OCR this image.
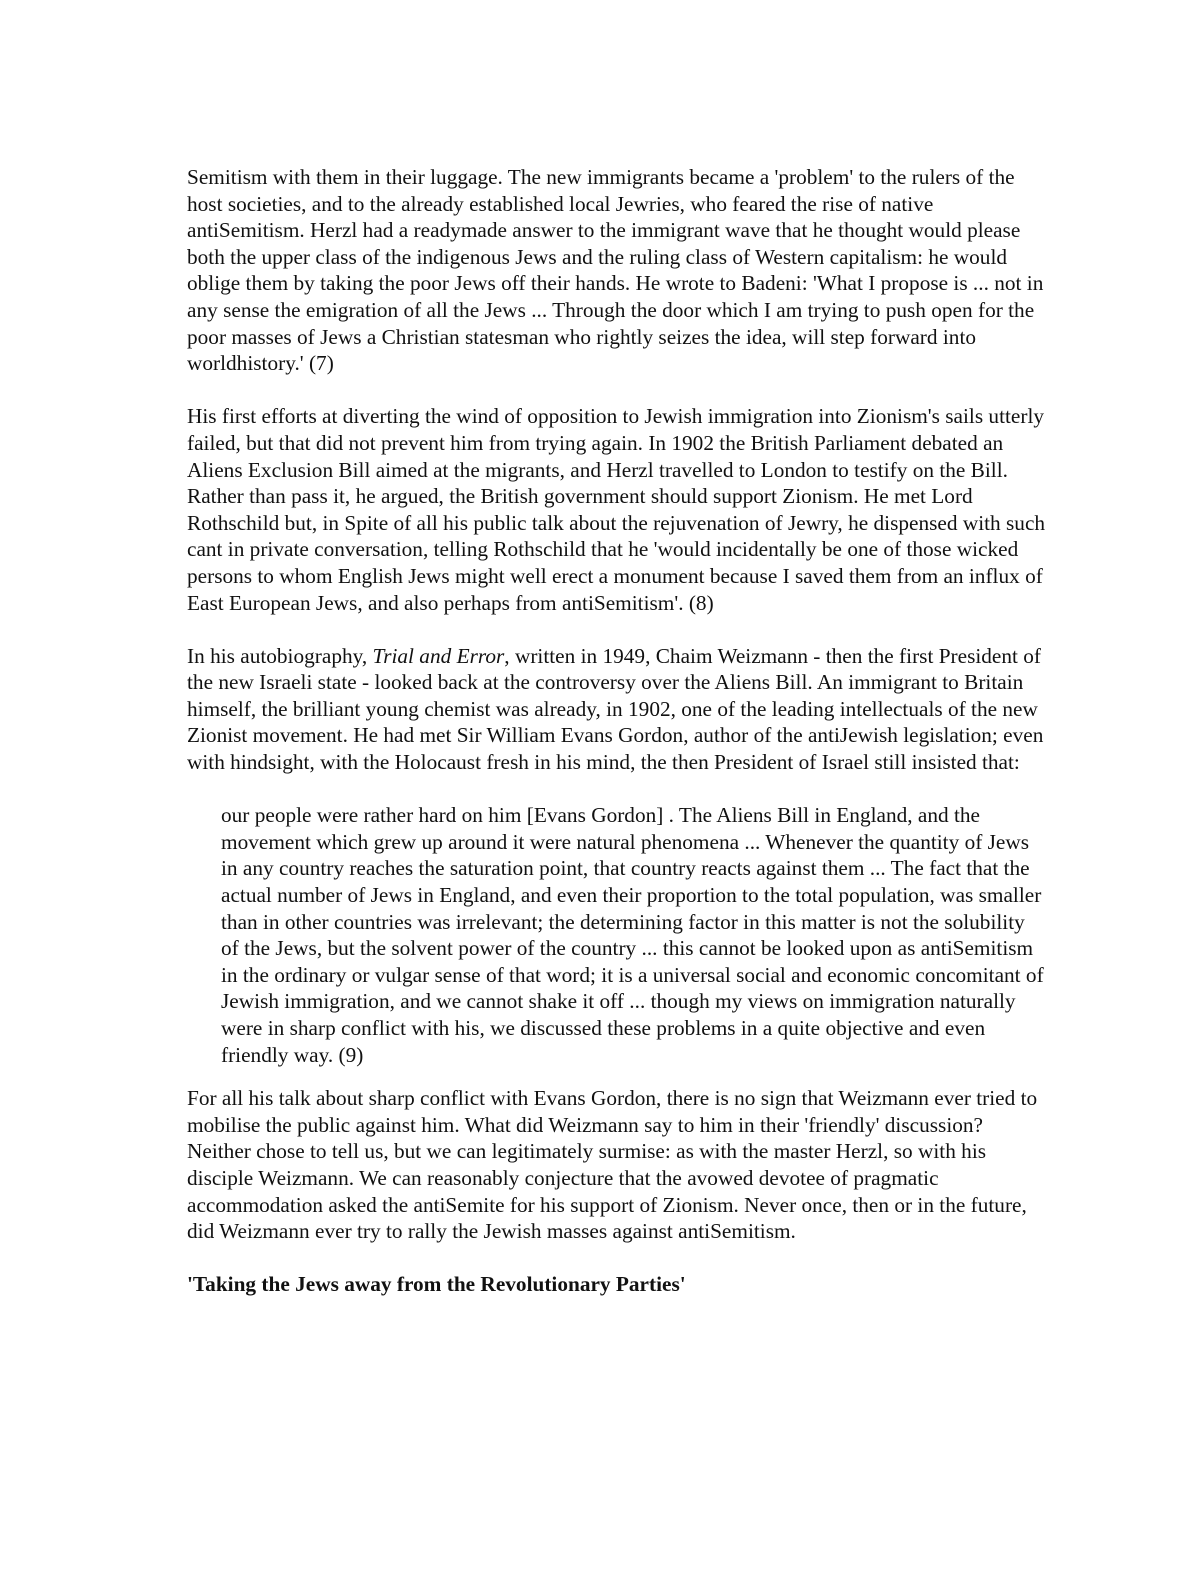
Semitism with them in their luggage. The new immigrants became a 'problem' to the rulers of the host societies, and to the already established local Jewries, who feared the rise of native antiSemitism. Herzl had a readymade answer to the immigrant wave that he thought would please both the upper class of the indigenous Jews and the ruling class of Western capitalism: he would oblige them by taking the poor Jews off their hands. He wrote to Badeni: 'What I propose is ... not in any sense the emigration of all the Jews ... Through the door which I am trying to push open for the poor masses of Jews a Christian statesman who rightly seizes the idea, will step forward into worldhistory.' (7)

His first efforts at diverting the wind of opposition to Jewish immigration into Zionism's sails utterly failed, but that did not prevent him from trying again. In 1902 the British Parliament debated an Aliens Exclusion Bill aimed at the migrants, and Herzl travelled to London to testify on the Bill. Rather than pass it, he argued, the British government should support Zionism. He met Lord Rothschild but, in Spite of all his public talk about the rejuvenation of Jewry, he dispensed with such cant in private conversation, telling Rothschild that he 'would incidentally be one of those wicked persons to whom English Jews might well erect a monument because I saved them from an influx of East European Jews, and also perhaps from antiSemitism'. (8)

In his autobiography, Trial and Error, written in 1949, Chaim Weizmann - then the first President of the new Israeli state - looked back at the controversy over the Aliens Bill. An immigrant to Britain himself, the brilliant young chemist was already, in 1902, one of the leading intellectuals of the new Zionist movement. He had met Sir William Evans Gordon, author of the antiJewish legislation; even with hindsight, with the Holocaust fresh in his mind, the then President of Israel still insisted that:

our people were rather hard on him [Evans Gordon] . The Aliens Bill in England, and the movement which grew up around it were natural phenomena ... Whenever the quantity of Jews in any country reaches the saturation point, that country reacts against them ... The fact that the actual number of Jews in England, and even their proportion to the total population, was smaller than in other countries was irrelevant; the determining factor in this matter is not the solubility of the Jews, but the solvent power of the country ... this cannot be looked upon as antiSemitism in the ordinary or vulgar sense of that word; it is a universal social and economic concomitant of Jewish immigration, and we cannot shake it off ... though my views on immigration naturally were in sharp conflict with his, we discussed these problems in a quite objective and even friendly way. (9)

For all his talk about sharp conflict with Evans Gordon, there is no sign that Weizmann ever tried to mobilise the public against him. What did Weizmann say to him in their 'friendly' discussion? Neither chose to tell us, but we can legitimately surmise: as with the master Herzl, so with his disciple Weizmann. We can reasonably conjecture that the avowed devotee of pragmatic accommodation asked the antiSemite for his support of Zionism. Never once, then or in the future, did Weizmann ever try to rally the Jewish masses against antiSemitism.

'Taking the Jews away from the Revolutionary Parties'
